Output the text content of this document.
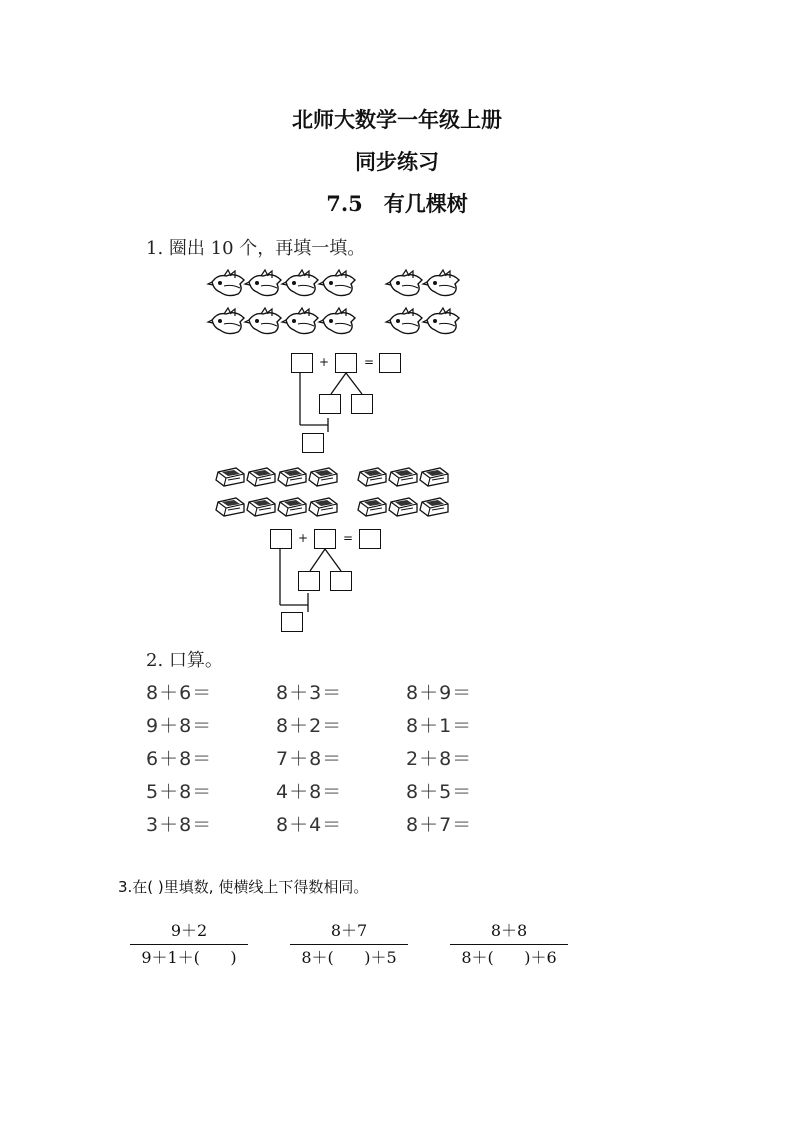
北师大数学一年级上册
同步练习
7.5　有几棵树
1. 圈出 10 个，再填一填。
+	=
+	=
2. 口算。
8＋6＝	8＋3＝	8＋9＝
9＋8＝	8＋2＝	8＋1＝
6＋8＝	7＋8＝	2＋8＝
5＋8＝	4＋8＝	8＋5＝
3＋8＝	8＋4＝	8＋7＝
3.在( )里填数, 使横线上下得数相同。
9＋2
9＋1＋(      )
8＋7
8＋(      )＋5
8＋8
8＋(      )＋6
